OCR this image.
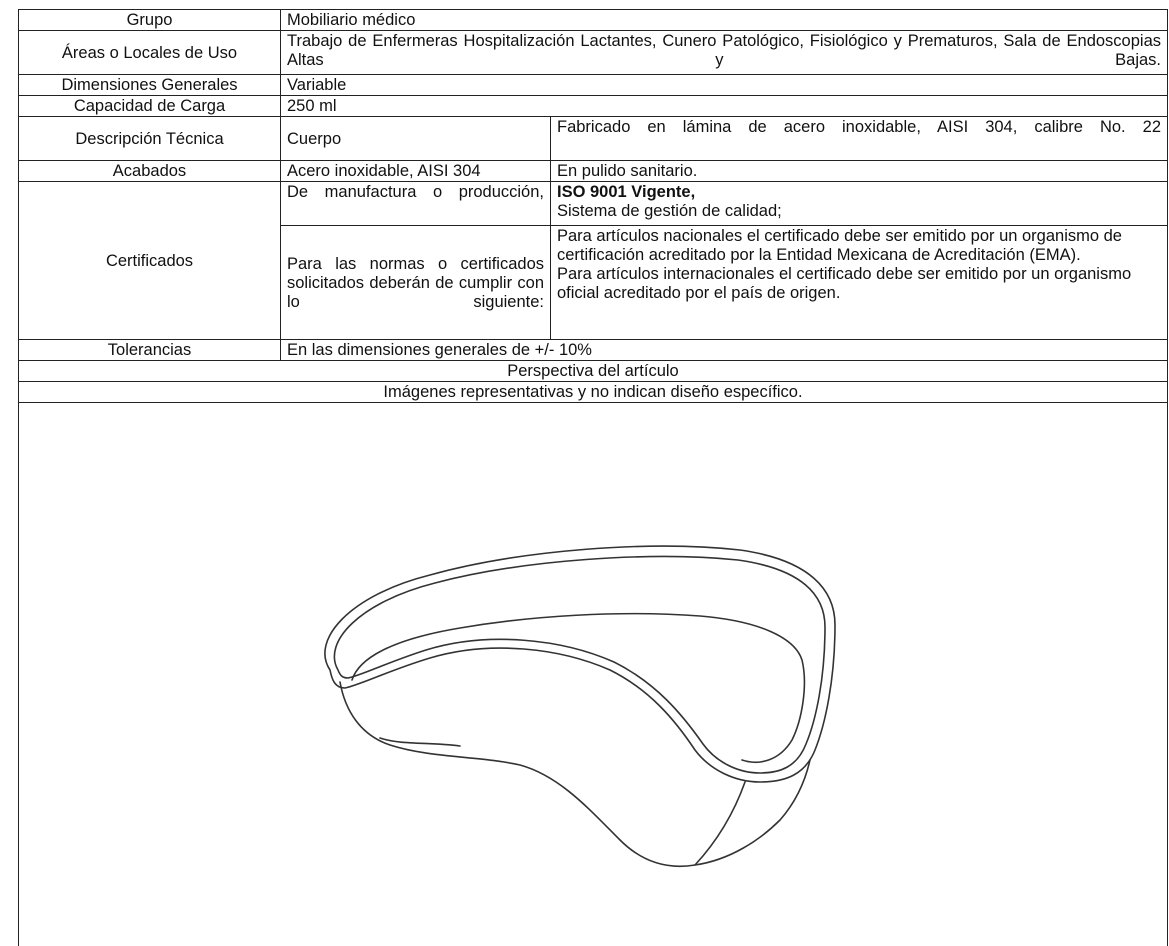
Grupo	Mobiliario médico	
Áreas o Locales de Uso	Trabajo de Enfermeras Hospitalización Lactantes, Cunero Patológico, Fisiológico y Prematuros, Sala de Endoscopias Altas y Bajas.	
Dimensiones Generales	Variable	
Capacidad de Carga	250 ml	
Descripción Técnica	Cuerpo	Fabricado en lámina de acero inoxidable, AISI 304, calibre No. 22
Acabados	Acero inoxidable, AISI 304	En pulido sanitario.
Certificados	De manufactura o producción,	ISO 9001 Vigente,
Sistema de gestión de calidad;
	Para las normas o certificados solicitados deberán de cumplir con lo siguiente:	Para artículos nacionales el certificado debe ser emitido por un organismo de certificación acreditado por la Entidad Mexicana de Acreditación (EMA).
Para artículos internacionales el certificado debe ser emitido por un organismo oficial acreditado por el país de origen.

Tolerancias	En las dimensiones generales de +/- 10%	
Perspectiva del artículo		
Imágenes representativas y no indican diseño específico.		
